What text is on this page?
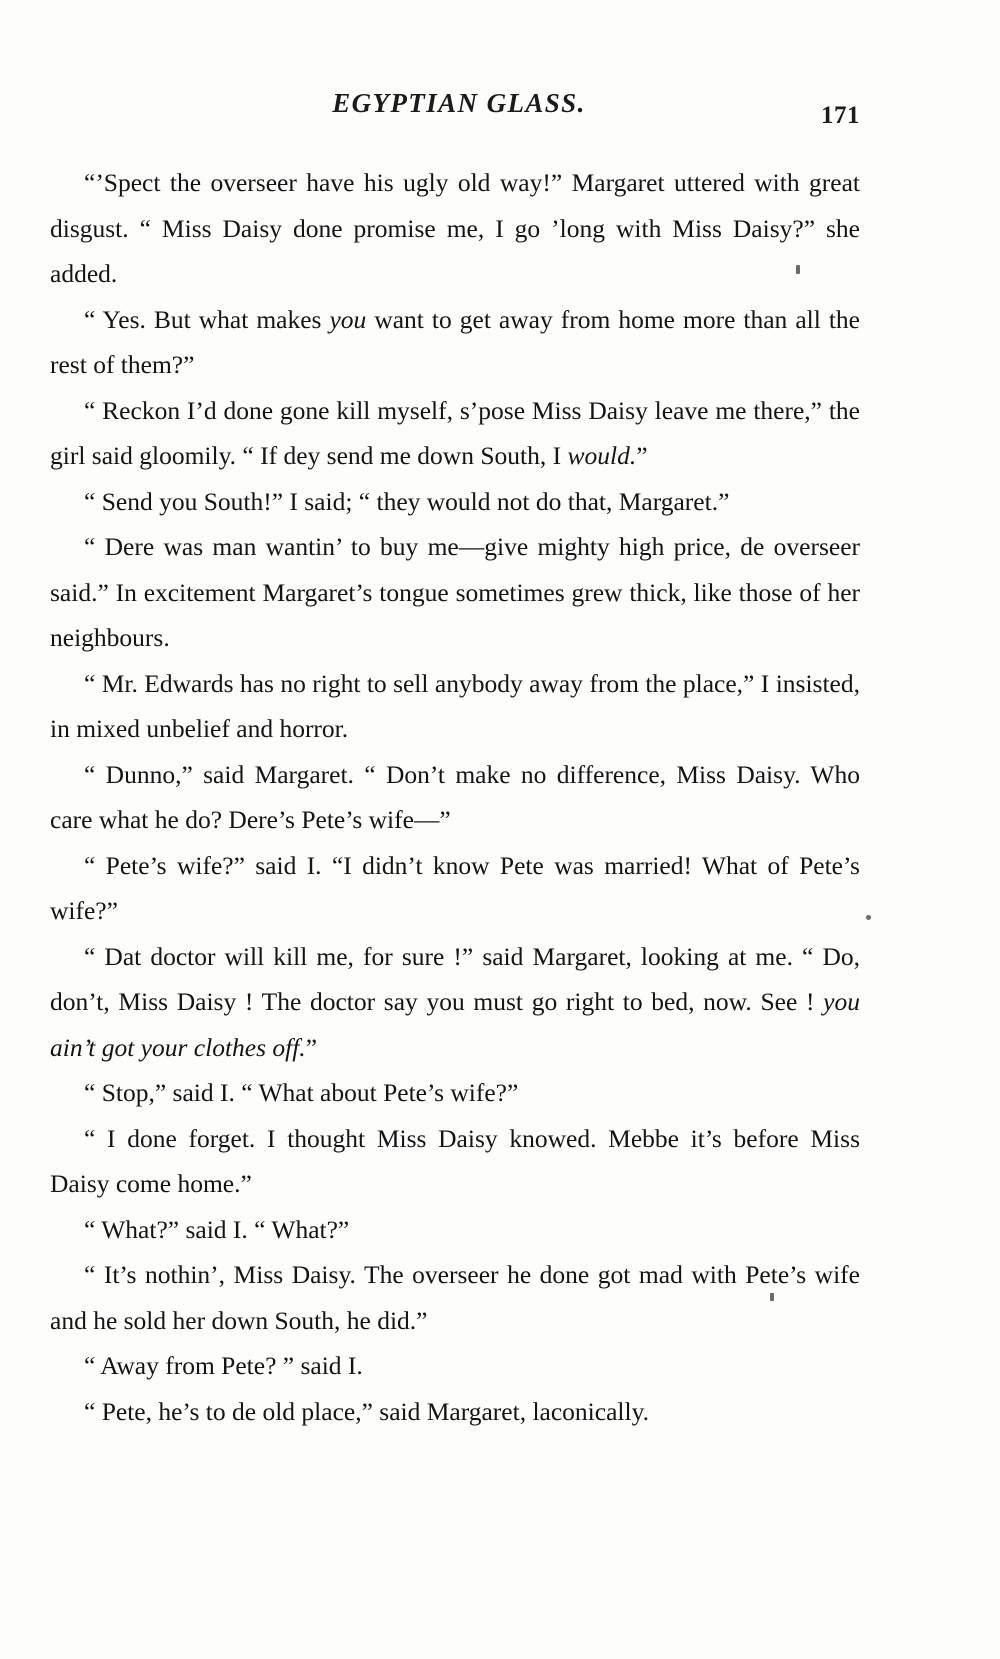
EGYPTIAN GLASS.	171

“’Spect the overseer have his ugly old way!” Margaret uttered with great disgust. “ Miss Daisy done promise me, I go ’long with Miss Daisy?” she added.

“ Yes. But what makes you want to get away from home more than all the rest of them?”

“ Reckon I’d done gone kill myself, s’pose Miss Daisy leave me there,” the girl said gloomily. “ If dey send me down South, I would.”

“ Send you South!” I said; “ they would not do that, Margaret.”

“ Dere was man wantin’ to buy me—give mighty high price, de overseer said.” In excitement Margaret’s tongue sometimes grew thick, like those of her neighbours.

“ Mr. Edwards has no right to sell anybody away from the place,” I insisted, in mixed unbelief and horror.

“ Dunno,” said Margaret. “ Don’t make no difference, Miss Daisy. Who care what he do? Dere’s Pete’s wife—”

“ Pete’s wife?” said I. “I didn’t know Pete was married! What of Pete’s wife?”

“ Dat doctor will kill me, for sure !” said Margaret, looking at me. “ Do, don’t, Miss Daisy ! The doctor say you must go right to bed, now. See ! you ain’t got your clothes off.”

“ Stop,” said I. “ What about Pete’s wife?”

“ I done forget. I thought Miss Daisy knowed. Mebbe it’s before Miss Daisy come home.”

“ What?” said I. “ What?”

“ It’s nothin’, Miss Daisy. The overseer he done got mad with Pete’s wife and he sold her down South, he did.”

“ Away from Pete? ” said I.

“ Pete, he’s to de old place,” said Margaret, laconically.
